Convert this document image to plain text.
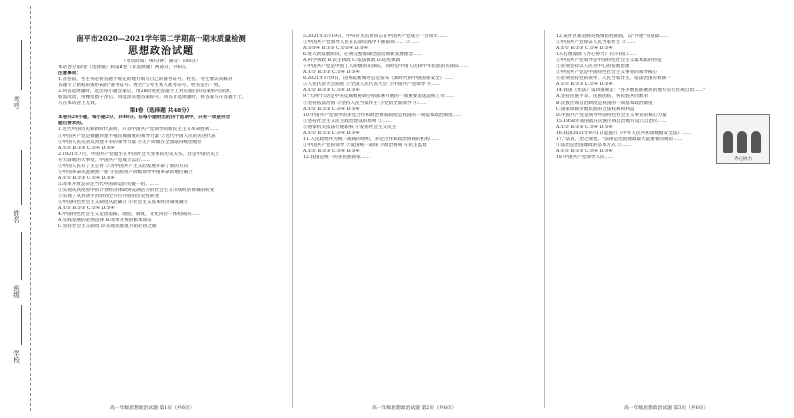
考号
姓名
班级
学校

南平市2020—2021学年第二学期高一期末质量检测

思想政治试题

（考试时间：90分钟；满分：100分）

本试卷分第Ⅰ卷（选择题）和第Ⅱ卷（非选择题）两部分，共6页。

注意事项：

1.答卷前，考生务必将答题卡规定的地方填写自己的准考证号、姓名。考生要认真核对

答题卡上粘贴的条形码的"准考证号、姓名"与考生本人准考证号、姓名是否一致。

2.回答选择题时，选出每小题答案后，用2B铅笔把答题卡上对应题目的答案标号涂黑。

如需改动，用橡皮擦干净后，再选涂其他答案标号。回答非选择题时，将答案写在答题卡上。

写在本试卷上无效。

第Ⅰ卷（选择题 共48分）

本卷共24小题，每小题2分，共48分。在每小题给出的四个选项中，只有一项是符合

题目要求的。

1.近代中国历史和新时代表明，只有中国共产党领导的新民主主义革命胜利……

①中国共产党是推翻封建半殖民地制度的领导力量 ②近代中国人民的先进代表

③中国人民反帝反封建斗争的领导力量 ④无产阶级在全国取得统治地位

A.①② B.①③ C.②④ D.③④

2.1921年7月，中国共产党诞生在中国社会大变革的历史关头，这是中国历史上

开天辟地的大事变。中国共产党成立以后……

①中国人民有了主心骨 ②为中国共产主义的发展开辟了新的方向

③中国革命从此焕然一新 ④民族资产阶级领导中国革命的地位确立

A.①② B.①③ C.②④ D.③④

3.改革开放是决定当代中国命运的关键一招。……

①实现从高度集中的计划经济体制到充满活力的社会主义市场经济体制的转变

②实现了从封闭半封闭到全方位开放的历史性转变

③中国特色社会主义制度从此确立 ④社会主义基本经济制度确立

A.①② B.①③ C.②④ D.③④

4.中国特色社会主义是由道路、理论、制度、文化四位一体构成的……

A.实践发展的必然选择 B.改革开放的根本保证

C.坚持社会主义制度 D.实现民族复兴的必由之路

高一年级思想政治试题 第1页（共6页）

5.2021年3月19日，中央有关负责同志在中国共产党成立一百周年……

①中国共产党领导人民在长期实践中不断取得…… ②……

A.②③④ B.①③ C.①②④ D.③④

6.进入新发展阶段，必须完整准确全面贯彻新发展理念……

A.科学执政 B.民主执政 C.依法执政 D.依宪执政

7.中国共产党是中国工人阶级的先锋队，同时是中国人民和中华民族的先锋队……

A.①② B.①③ C.②④ D.③④

8.2021年1月9日，国务院新闻办公室发布《新时代的中国国家安全》……

①人民代表大会制度 ②全国人民代表大会 ③中国共产党领导 ④……

A.①② B.①③ C.②④ D.③④

9."天网"行动是中央反腐败协调小组部署开展的一项重要追逃追赃工作……

①坚持依法治国 ②坚持人民当家作主 ③党的全面领导 ④……

A.①② B.①③ C.②④ D.③④

10.中国共产党领导的多党合作和政治协商制度是我国的一项基本政治制度……

①坚持社会主义民主政治建设的原则 ②……

③国家机关依法行使职权 ④发扬社会主义民主

A.①② B.①③ C.②④ D.③④

11.人民政协作为统一战线的组织、多党合作和政治协商的机构……

①中国共产党的领导 ②爱国统一战线 ③政治协商 ④民主监督

A.①② B.①③ C.②④ D.③④

12.我国是统一的多民族国家……

高一年级思想政治试题 第2页（共6页）

12.某社区新冠肺炎疫情防控期间，以"共建"为基础……

①中国共产党保证人民当家作主 ②……

A.①② B.①③ C.②④ D.③④

13.右图漫画《齐心协力》启示我们……

①中国共产党领导是中国特色社会主义最本质的特征

②必须坚持以人民为中心的发展思想

③中国共产党是中国特色社会主义事业的领导核心

④必须坚持党的领导、人民当家作主、依法治国有机统一

A.①② B.①③ C.②④ D.③④

14.我国《宪法》第四条规定："各少数民族聚居的地方实行区域自治……"

A.坚持民族平等、民族团结、各民族共同繁荣

B.民族区域自治制度是我国的一项基本政治制度

C.国家保障少数民族的合法权利和利益

D.中国共产党是领导中国特色社会主义事业的核心力量

15.1958年我国就在民族区域自治地方设立自治区……

A.①② B.①③ C.②④ D.③④

16.我国2021年9月1日起施行《中华人民共和国数据安全法》……

17."法者，治之端也。"法律是治国理政最大最重要的规矩……

①法治是治国理政的基本方式 ②……

A.①② B.①③ C.②④ D.③④

18.中国共产党领导人民……	齐心协力
高一年级思想政治试题 第3页（共6页）
